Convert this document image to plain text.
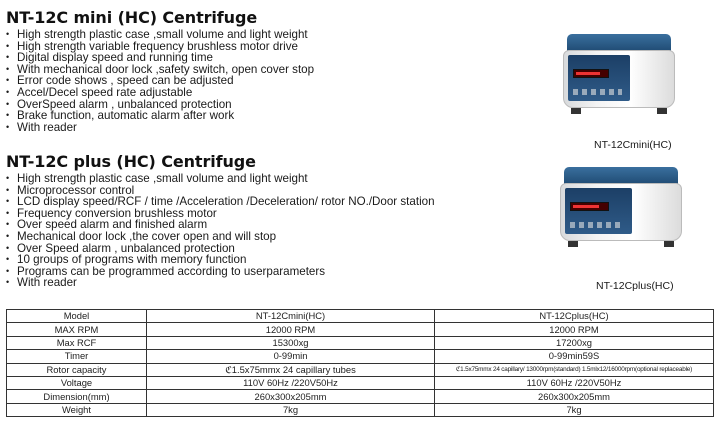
NT-12C mini (HC) Centrifuge
• High strength plastic case ,small volume and light weight
• High strength variable frequency brushless motor drive
• Digital display speed and running time
• With mechanical door lock ,safety switch, open cover stop
• Error code shows , speed can be adjusted
• Accel/Decel speed rate adjustable
• OverSpeed alarm , unbalanced protection
• Brake function, automatic alarm after work
• With reader
NT-12Cmini(HC)
NT-12C plus (HC) Centrifuge
• High strength plastic case ,small volume and light weight
• Microprocessor control
• LCD display speed/RCF / time /Acceleration /Deceleration/ rotor NO./Door station
• Frequency conversion brushless motor
• Over speed alarm and finished alarm
• Mechanical door lock ,the cover open and will stop
• Over Speed alarm , unbalanced protection
• 10 groups of programs with memory function
• Programs can be programmed according to userparameters
• With reader	NT-12Cplus(HC)
Model	NT-12Cmini(HC)	NT-12Cplus(HC)
MAX RPM	12000 RPM	12000 RPM
Max RCF	15300xg	17200xg
Timer	0-99min	0-99min59S
Rotor capacity	ℭ1.5x75mmx 24 capillary tubes	ℭ1.5x75mmx 24 capillary/ 13000rpm(standard) 1.5mlx12/16000rpm(optional replaceable)
Voltage	110V 60Hz /220V50Hz	110V 60Hz /220V50Hz
Dimension(mm)	260x300x205mm	260x300x205mm
Weight	7kg	7kg
